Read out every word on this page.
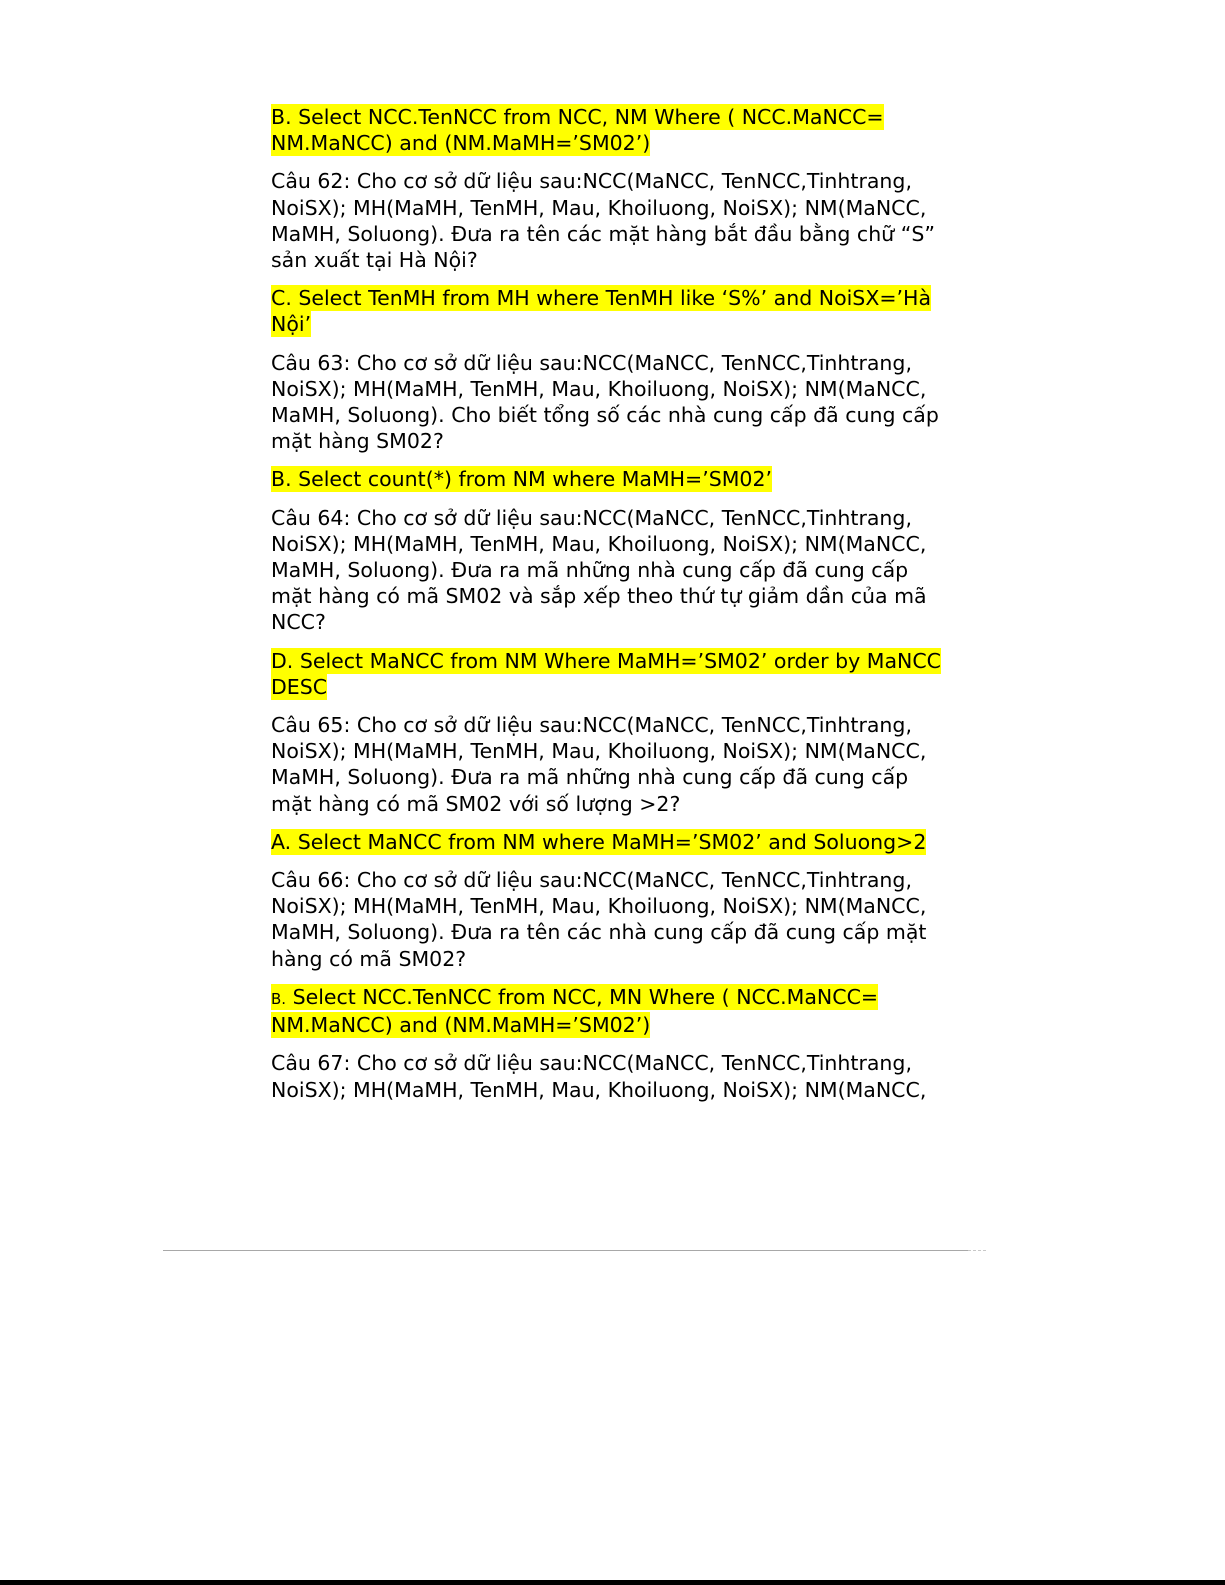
B. Select NCC.TenNCC from NCC, NM Where ( NCC.MaNCC= NM.MaNCC) and (NM.MaMH=’SM02’)

Câu 62: Cho cơ sở dữ liệu sau:NCC(MaNCC, TenNCC,Tinhtrang, NoiSX); MH(MaMH, TenMH, Mau, Khoiluong, NoiSX); NM(MaNCC, MaMH, Soluong). Đưa ra tên các mặt hàng bắt đầu bằng chữ “S” sản xuất tại Hà Nội?

C. Select TenMH from MH where TenMH like ‘S%’ and NoiSX=’Hà Nội’

Câu 63: Cho cơ sở dữ liệu sau:NCC(MaNCC, TenNCC,Tinhtrang, NoiSX); MH(MaMH, TenMH, Mau, Khoiluong, NoiSX); NM(MaNCC, MaMH, Soluong). Cho biết tổng số các nhà cung cấp đã cung cấp mặt hàng SM02?

B. Select count(*) from NM where MaMH=’SM02’

Câu 64: Cho cơ sở dữ liệu sau:NCC(MaNCC, TenNCC,Tinhtrang, NoiSX); MH(MaMH, TenMH, Mau, Khoiluong, NoiSX); NM(MaNCC, MaMH, Soluong). Đưa ra mã những nhà cung cấp đã cung cấp mặt hàng có mã SM02 và sắp xếp theo thứ tự giảm dần của mã NCC?

D. Select MaNCC from NM Where MaMH=’SM02’ order by MaNCC DESC

Câu 65: Cho cơ sở dữ liệu sau:NCC(MaNCC, TenNCC,Tinhtrang, NoiSX); MH(MaMH, TenMH, Mau, Khoiluong, NoiSX); NM(MaNCC, MaMH, Soluong). Đưa ra mã những nhà cung cấp đã cung cấp mặt hàng có mã SM02 với số lượng >2?

A. Select MaNCC from NM where MaMH=’SM02’ and Soluong>2

Câu 66: Cho cơ sở dữ liệu sau:NCC(MaNCC, TenNCC,Tinhtrang, NoiSX); MH(MaMH, TenMH, Mau, Khoiluong, NoiSX); NM(MaNCC, MaMH, Soluong). Đưa ra tên các nhà cung cấp đã cung cấp mặt hàng có mã SM02?

B. Select NCC.TenNCC from NCC, MN Where ( NCC.MaNCC= NM.MaNCC) and (NM.MaMH=’SM02’)

Câu 67: Cho cơ sở dữ liệu sau:NCC(MaNCC, TenNCC,Tinhtrang, NoiSX); MH(MaMH, TenMH, Mau, Khoiluong, NoiSX); NM(MaNCC,
